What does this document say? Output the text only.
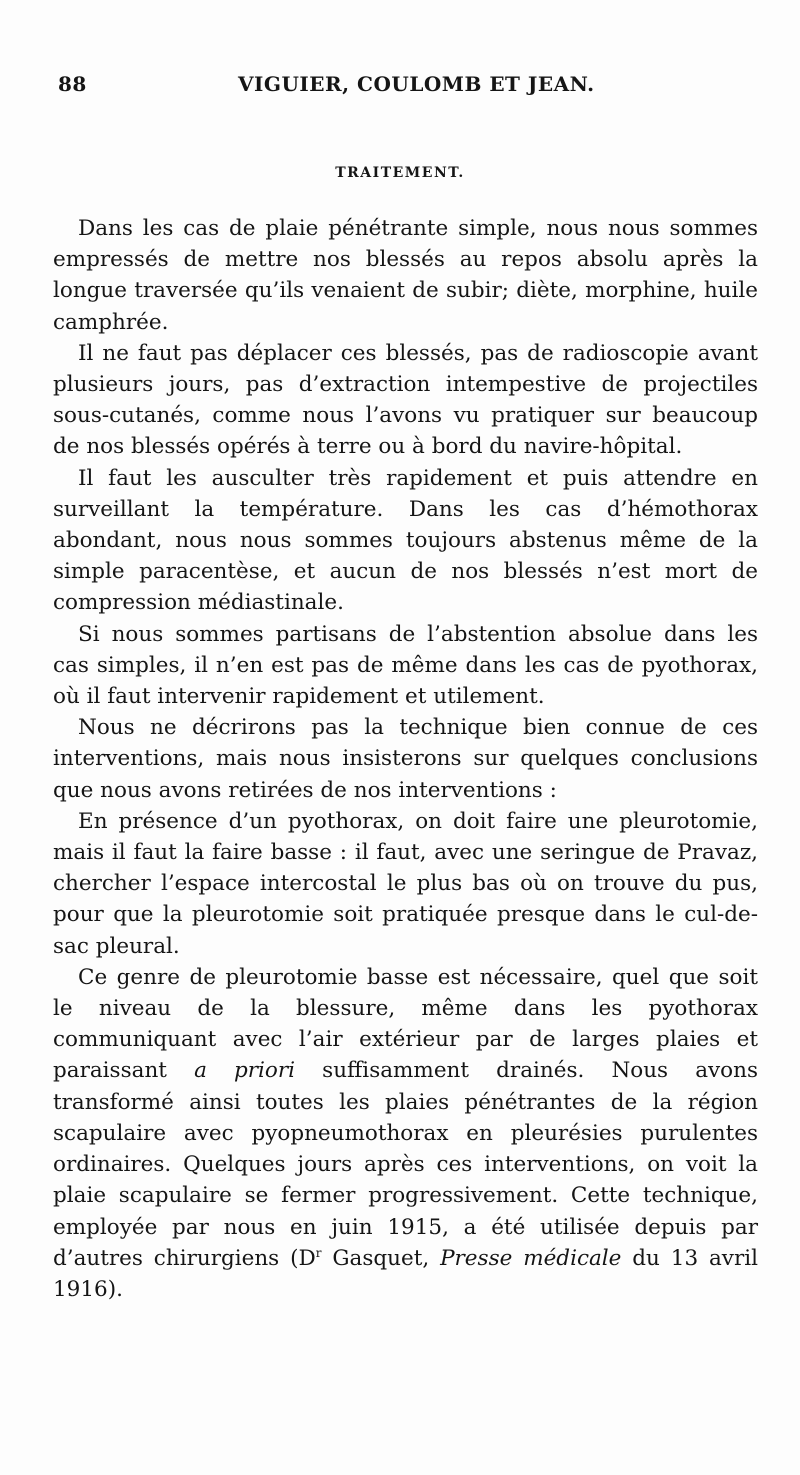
88	VIGUIER, COULOMB ET JEAN.
TRAITEMENT.

Dans les cas de plaie pénétrante simple, nous nous sommes empressés de mettre nos blessés au repos absolu après la longue traversée qu’ils venaient de subir; diète, morphine, huile camphrée.

Il ne faut pas déplacer ces blessés, pas de radioscopie avant plusieurs jours, pas d’extraction intempestive de projectiles sous-cutanés, comme nous l’avons vu pratiquer sur beaucoup de nos blessés opérés à terre ou à bord du navire-hôpital.

Il faut les ausculter très rapidement et puis attendre en surveillant la température. Dans les cas d’hémothorax abondant, nous nous sommes toujours abstenus même de la simple paracentèse, et aucun de nos blessés n’est mort de compression médiastinale.

Si nous sommes partisans de l’abstention absolue dans les cas simples, il n’en est pas de même dans les cas de pyothorax, où il faut intervenir rapidement et utilement.

Nous ne décrirons pas la technique bien connue de ces interventions, mais nous insisterons sur quelques conclusions que nous avons retirées de nos interventions :

En présence d’un pyothorax, on doit faire une pleurotomie, mais il faut la faire basse : il faut, avec une seringue de Pravaz, chercher l’espace intercostal le plus bas où on trouve du pus, pour que la pleurotomie soit pratiquée presque dans le cul-de-sac pleural.

Ce genre de pleurotomie basse est nécessaire, quel que soit le niveau de la blessure, même dans les pyothorax communiquant avec l’air extérieur par de larges plaies et paraissant a priori suffisamment drainés. Nous avons transformé ainsi toutes les plaies pénétrantes de la région scapulaire avec pyopneumothorax en pleurésies purulentes ordinaires. Quelques jours après ces interventions, on voit la plaie scapulaire se fermer progressivement. Cette technique, employée par nous en juin 1915, a été utilisée depuis par d’autres chirurgiens ($D^r$ Gasquet, Presse médicale du 13 avril 1916).
